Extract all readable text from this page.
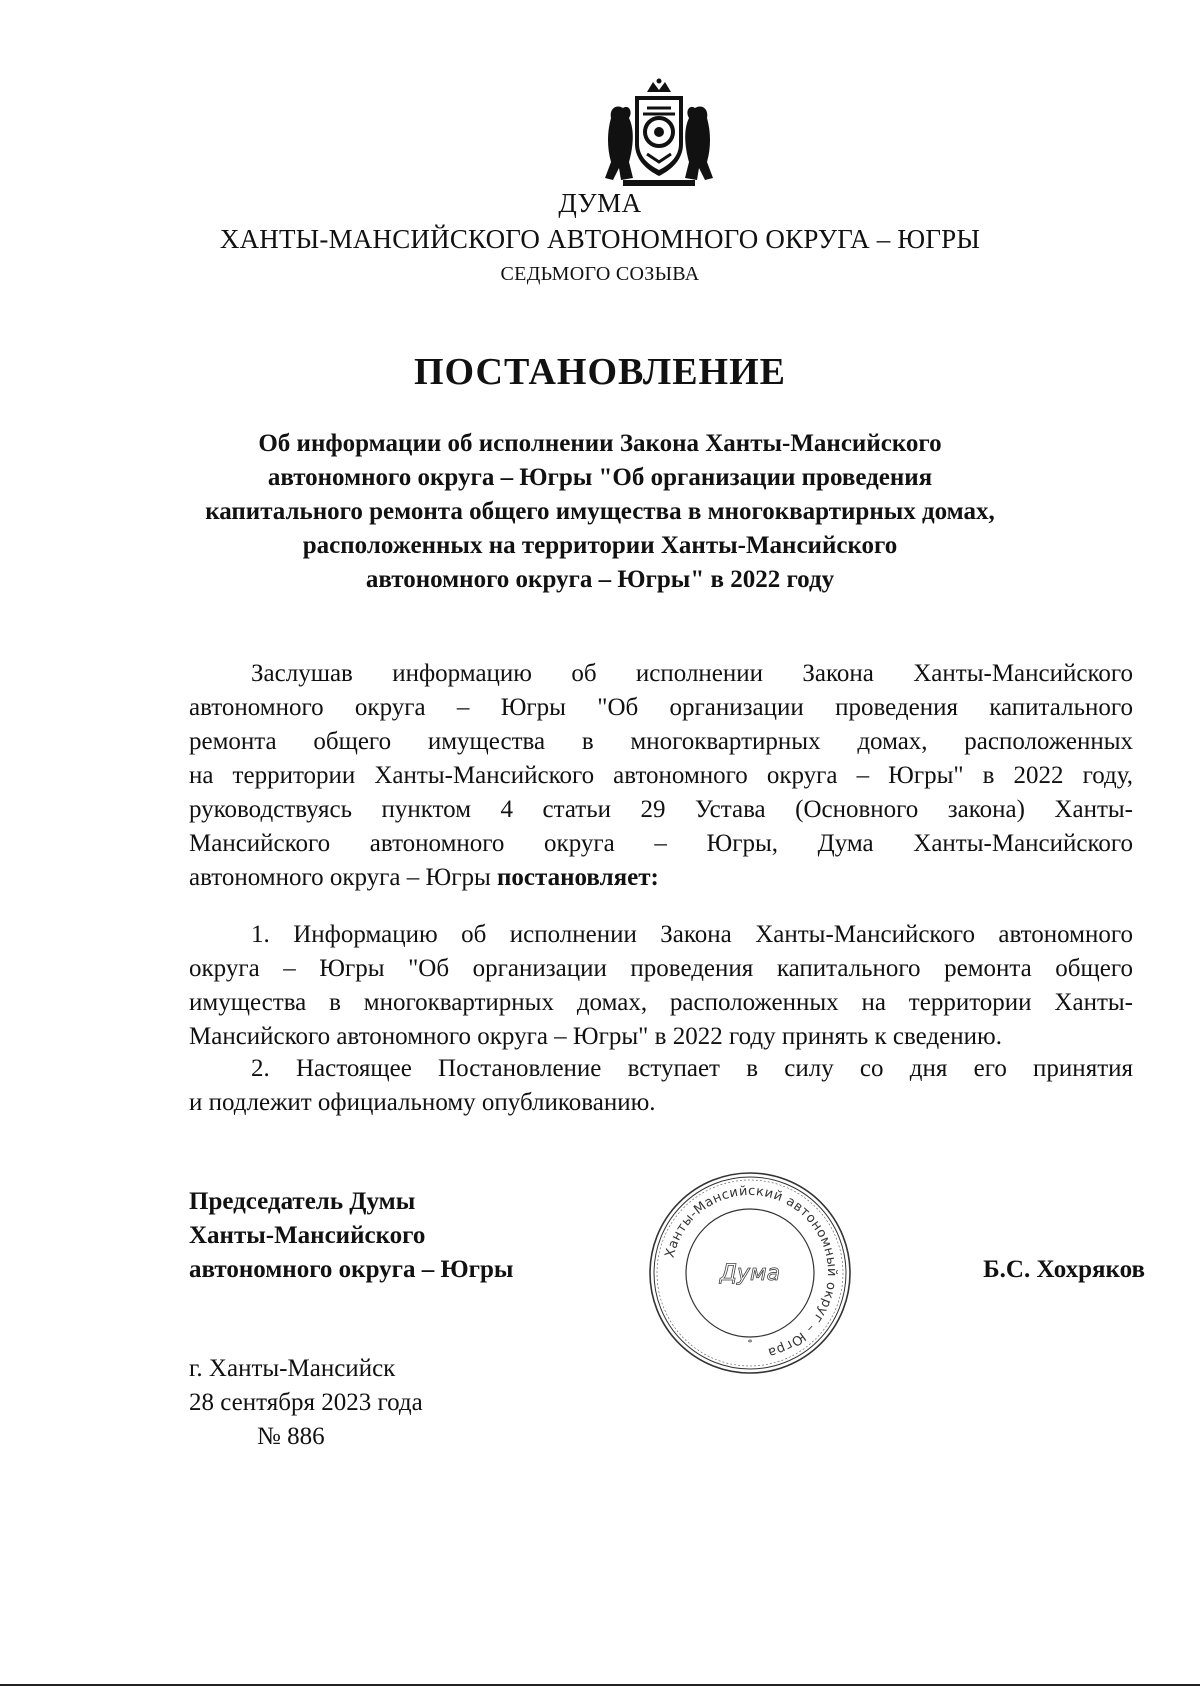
ДУМА
ХАНТЫ-МАНСИЙСКОГО АВТОНОМНОГО ОКРУГА – ЮГРЫ
СЕДЬМОГО СОЗЫВА
ПОСТАНОВЛЕНИЕ
Об информации об исполнении Закона Ханты-Мансийского
автономного округа – Югры "Об организации проведения
капитального ремонта общего имущества в многоквартирных домах,
расположенных на территории Ханты-Мансийского
автономного округа – Югры" в 2022 году
Заслушав информацию об исполнении Закона Ханты-Мансийского
автономного округа – Югры "Об организации проведения капитального
ремонта общего имущества в многоквартирных домах, расположенных
на территории Ханты-Мансийского автономного округа – Югры" в 2022 году,
руководствуясь пунктом 4 статьи 29 Устава (Основного закона) Ханты-
Мансийского автономного округа – Югры, Дума Ханты-Мансийского
автономного округа – Югры постановляет:
1. Информацию об исполнении Закона Ханты-Мансийского автономного
округа – Югры "Об организации проведения капитального ремонта общего
имущества в многоквартирных домах, расположенных на территории Ханты-
Мансийского автономного округа – Югры" в 2022 году принять к сведению.
2. Настоящее Постановление вступает в силу со дня его принятия
и подлежит официальному опубликованию.
Председатель Думы
Ханты-Мансийского
автономного округа – Югры
Ханты-Мансийский автономный округ – Югра
Дума
*
Б.С. Хохряков
г. Ханты-Мансийск
28 сентября 2023 года
№ 886
